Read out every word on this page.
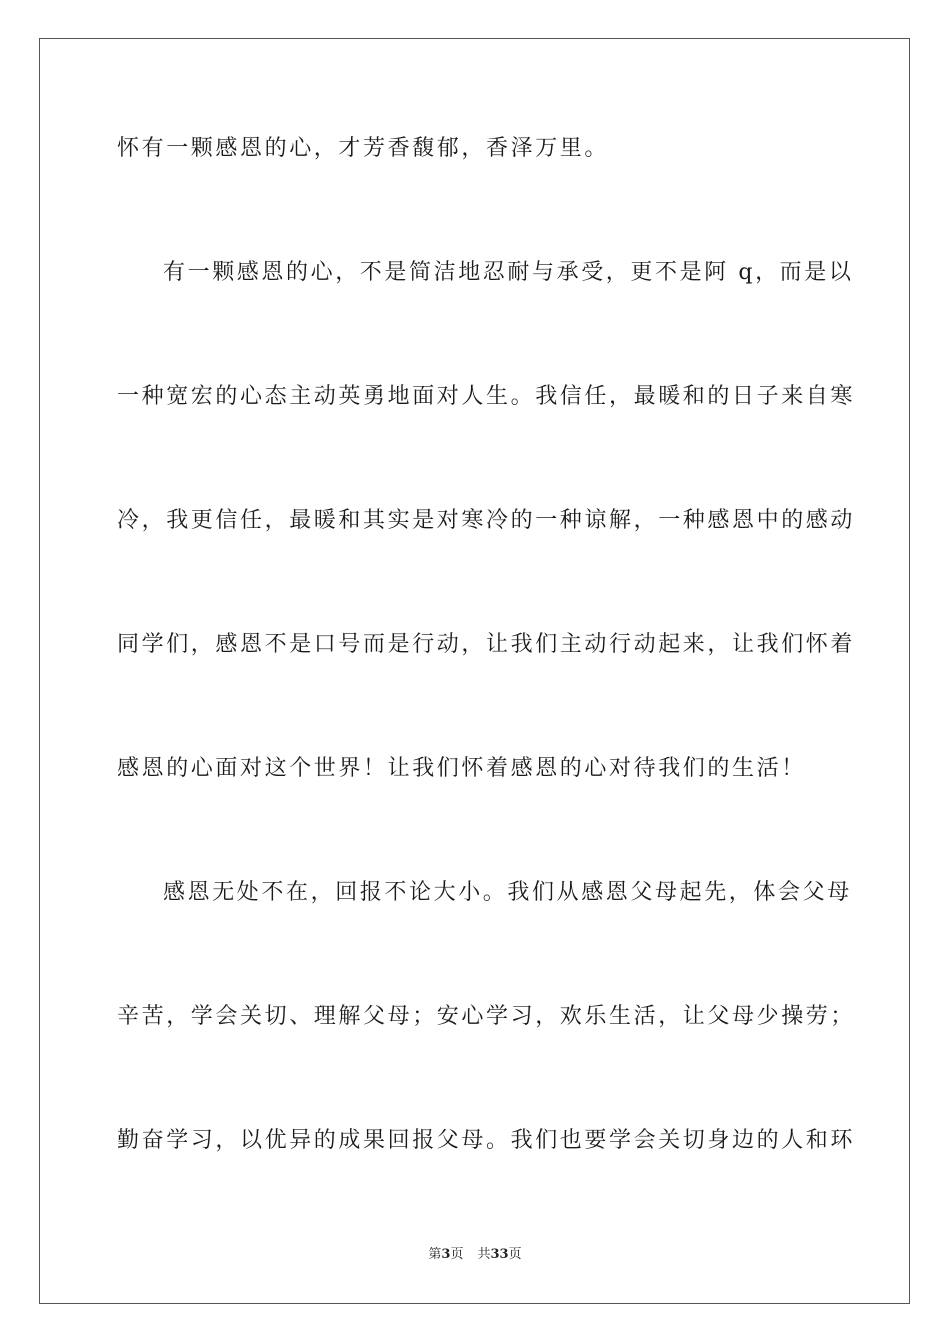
怀有一颗感恩的心，才芳香馥郁，香泽万里。
有一颗感恩的心，不是简洁地忍耐与承受，更不是阿 q，而是以
一种宽宏的心态主动英勇地面对人生。我信任，最暖和的日子来自寒
冷，我更信任，最暖和其实是对寒冷的一种谅解，一种感恩中的感动
同学们，感恩不是口号而是行动，让我们主动行动起来，让我们怀着
感恩的心面对这个世界！让我们怀着感恩的心对待我们的生活！
感恩无处不在，回报不论大小。我们从感恩父母起先，体会父母
辛苦，学会关切、理解父母；安心学习，欢乐生活，让父母少操劳；
勤奋学习，以优异的成果回报父母。我们也要学会关切身边的人和环
第3页 共33页
